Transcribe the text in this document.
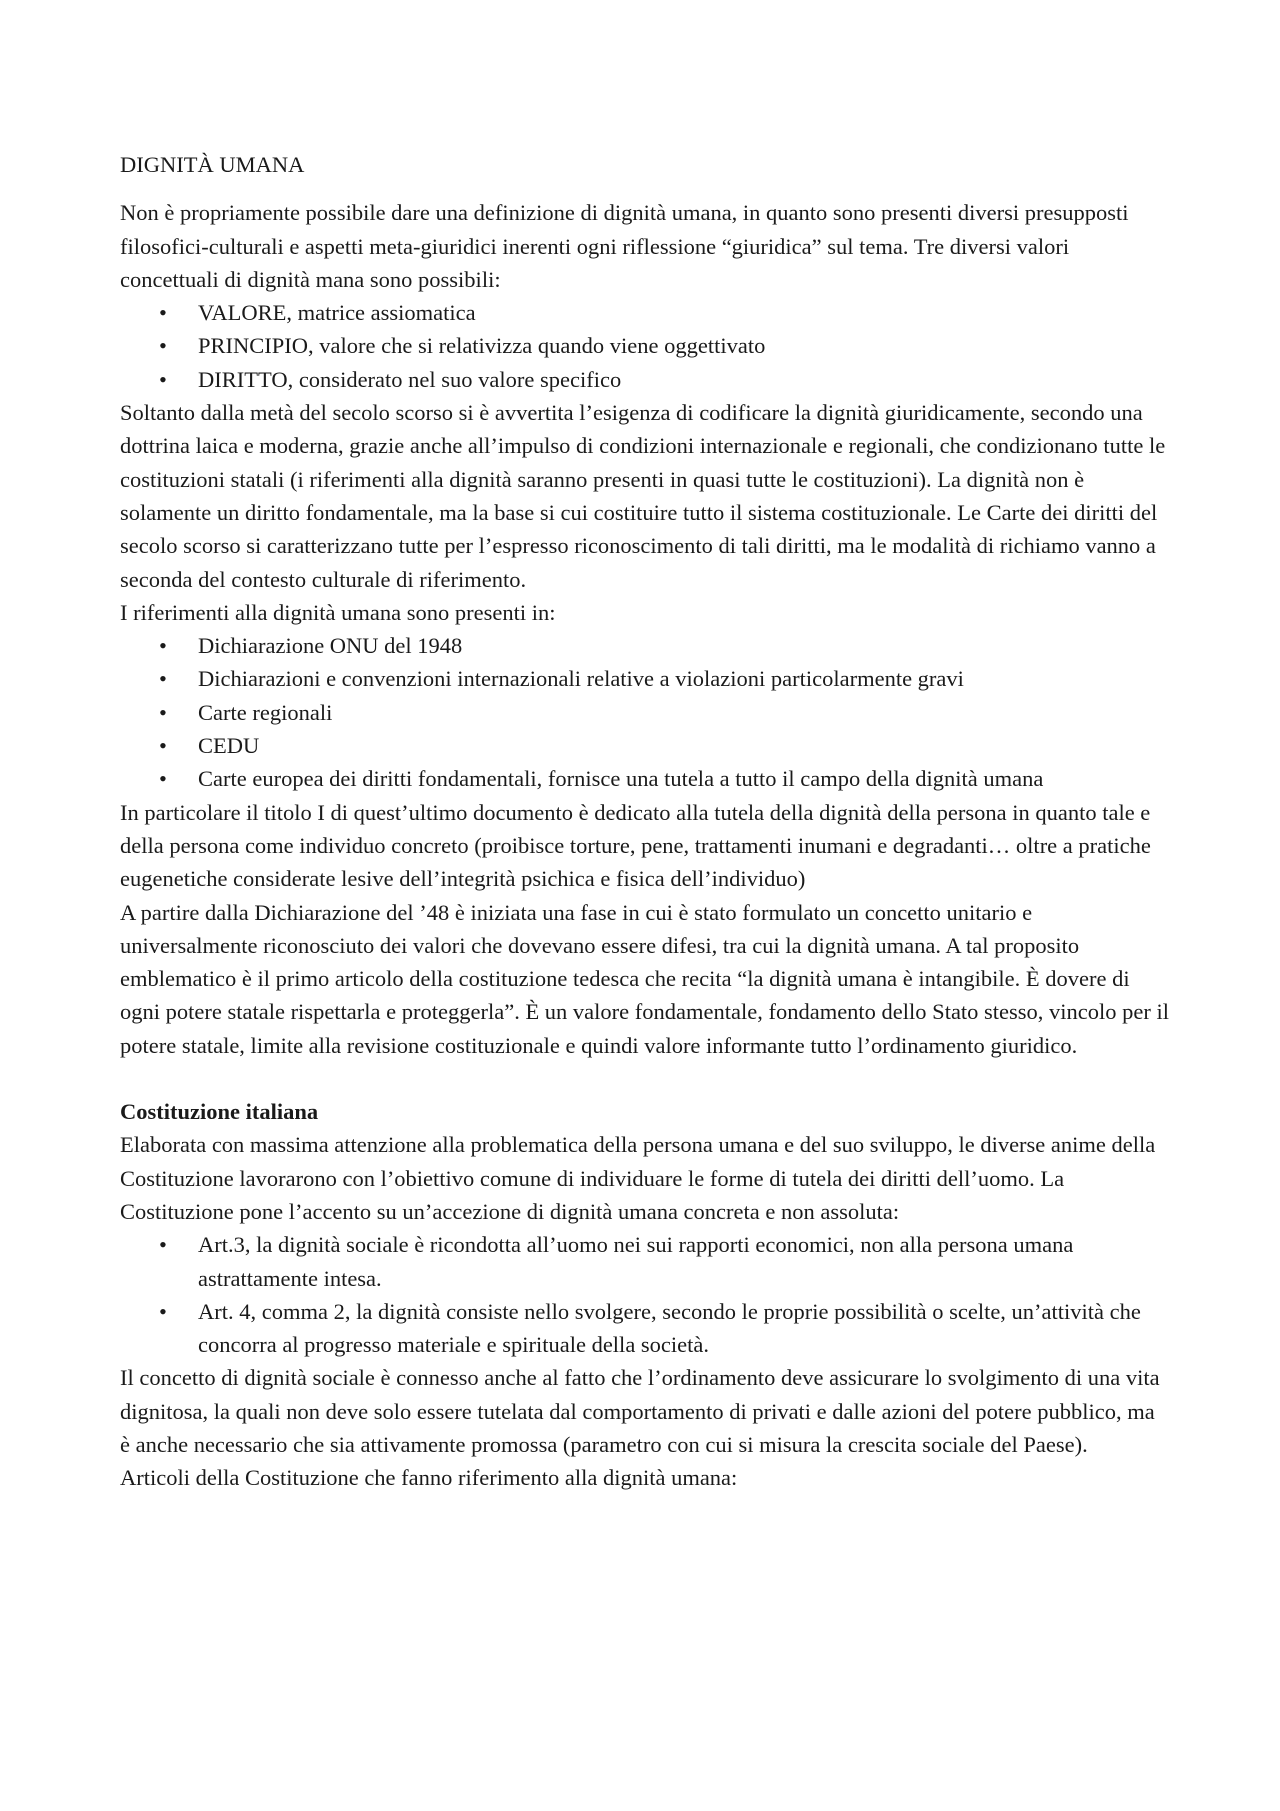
DIGNITÀ UMANA

Non è propriamente possibile dare una definizione di dignità umana, in quanto sono presenti diversi presupposti filosofici-culturali e aspetti meta-giuridici inerenti ogni riflessione “giuridica” sul tema. Tre diversi valori concettuali di dignità mana sono possibili:

• VALORE, matrice assiomatica
• PRINCIPIO, valore che si relativizza quando viene oggettivato
• DIRITTO, considerato nel suo valore specifico

Soltanto dalla metà del secolo scorso si è avvertita l’esigenza di codificare la dignità giuridicamente, secondo una dottrina laica e moderna, grazie anche all’impulso di condizioni internazionale e regionali, che condizionano tutte le costituzioni statali (i riferimenti alla dignità saranno presenti in quasi tutte le costituzioni). La dignità non è solamente un diritto fondamentale, ma la base si cui costituire tutto il sistema costituzionale. Le Carte dei diritti del secolo scorso si caratterizzano tutte per l’espresso riconoscimento di tali diritti, ma le modalità di richiamo vanno a seconda del contesto culturale di riferimento.

I riferimenti alla dignità umana sono presenti in:

• Dichiarazione ONU del 1948
• Dichiarazioni e convenzioni internazionali relative a violazioni particolarmente gravi
• Carte regionali
• CEDU
• Carte europea dei diritti fondamentali, fornisce una tutela a tutto il campo della dignità umana

In particolare il titolo I di quest’ultimo documento è dedicato alla tutela della dignità della persona in quanto tale e della persona come individuo concreto (proibisce torture, pene, trattamenti inumani e degradanti… oltre a pratiche eugenetiche considerate lesive dell’integrità psichica e fisica dell’individuo)

A partire dalla Dichiarazione del ’48 è iniziata una fase in cui è stato formulato un concetto unitario e universalmente riconosciuto dei valori che dovevano essere difesi, tra cui la dignità umana. A tal proposito emblematico è il primo articolo della costituzione tedesca che recita “la dignità umana è intangibile. È dovere di ogni potere statale rispettarla e proteggerla”. È un valore fondamentale, fondamento dello Stato stesso, vincolo per il potere statale, limite alla revisione costituzionale e quindi valore informante tutto l’ordinamento giuridico.

Costituzione italiana

Elaborata con massima attenzione alla problematica della persona umana e del suo sviluppo, le diverse anime della Costituzione lavorarono con l’obiettivo comune di individuare le forme di tutela dei diritti dell’uomo. La Costituzione pone l’accento su un’accezione di dignità umana concreta e non assoluta:

• Art.3, la dignità sociale è ricondotta all’uomo nei sui rapporti economici, non alla persona umana astrattamente intesa.
• Art. 4, comma 2, la dignità consiste nello svolgere, secondo le proprie possibilità o scelte, un’attività che concorra al progresso materiale e spirituale della società.

Il concetto di dignità sociale è connesso anche al fatto che l’ordinamento deve assicurare lo svolgimento di una vita dignitosa, la quali non deve solo essere tutelata dal comportamento di privati e dalle azioni del potere pubblico, ma è anche necessario che sia attivamente promossa (parametro con cui si misura la crescita sociale del Paese).

Articoli della Costituzione che fanno riferimento alla dignità umana:
